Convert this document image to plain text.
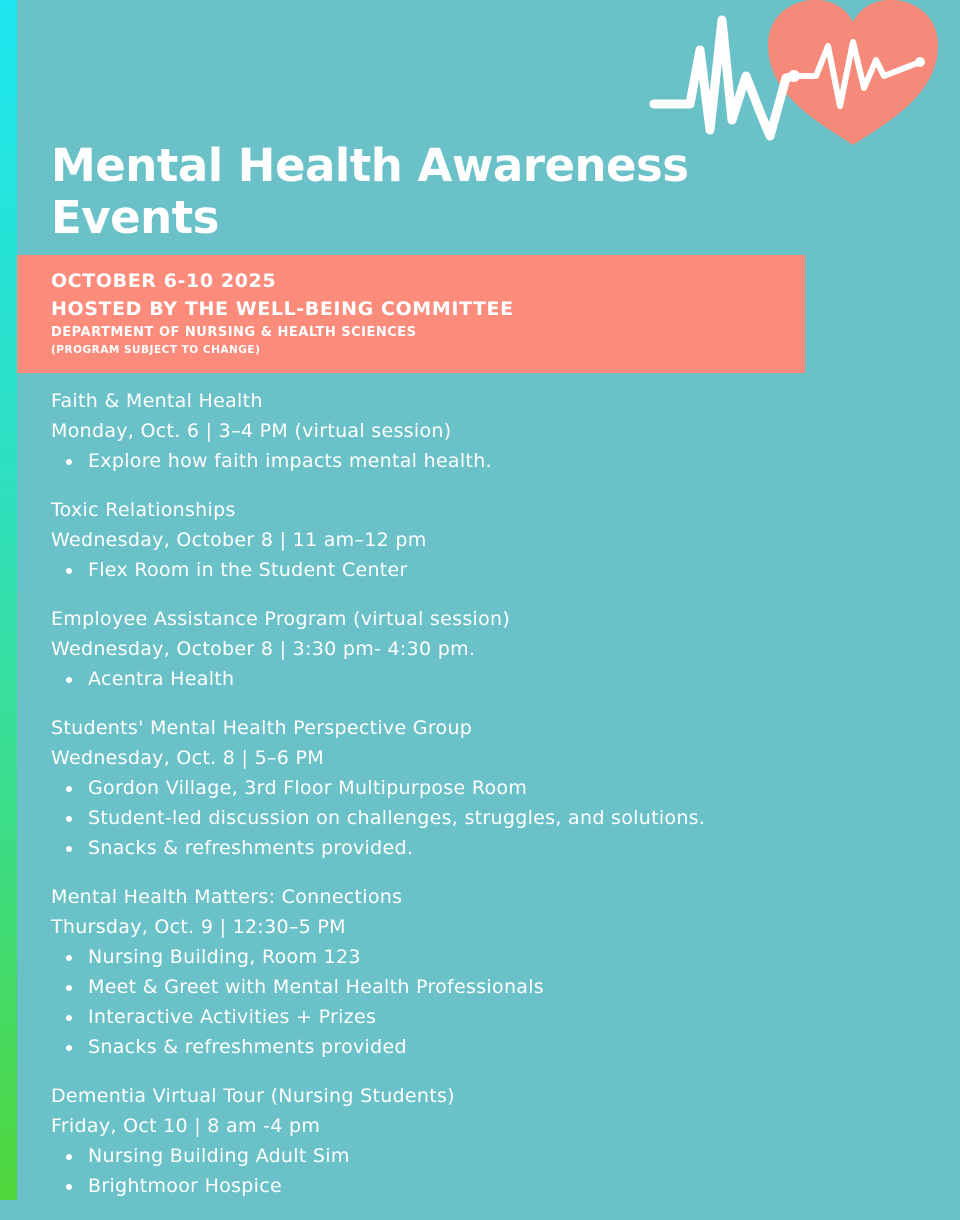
Mental Health Awareness Events
OCTOBER 6-10 2025
HOSTED BY THE WELL-BEING COMMITTEE
DEPARTMENT OF NURSING & HEALTH SCIENCES
(PROGRAM SUBJECT TO CHANGE)
Faith & Mental Health
Monday, Oct. 6 | 3–4 PM (virtual session)
Explore how faith impacts mental health.
Toxic Relationships
Wednesday, October 8 | 11 am–12 pm
Flex Room in the Student Center
Employee Assistance Program (virtual session)
Wednesday, October 8 | 3:30 pm- 4:30 pm.
Acentra Health
Students' Mental Health Perspective Group
Wednesday, Oct. 8 | 5–6 PM
Gordon Village, 3rd Floor Multipurpose Room
Student-led discussion on challenges, struggles, and solutions.
Snacks & refreshments provided.
Mental Health Matters: Connections
Thursday, Oct. 9 | 12:30–5 PM
Nursing Building, Room 123
Meet & Greet with Mental Health Professionals
Interactive Activities + Prizes
Snacks & refreshments provided
Dementia Virtual Tour (Nursing Students)
Friday, Oct 10 | 8 am -4 pm
Nursing Building Adult Sim
Brightmoor Hospice
